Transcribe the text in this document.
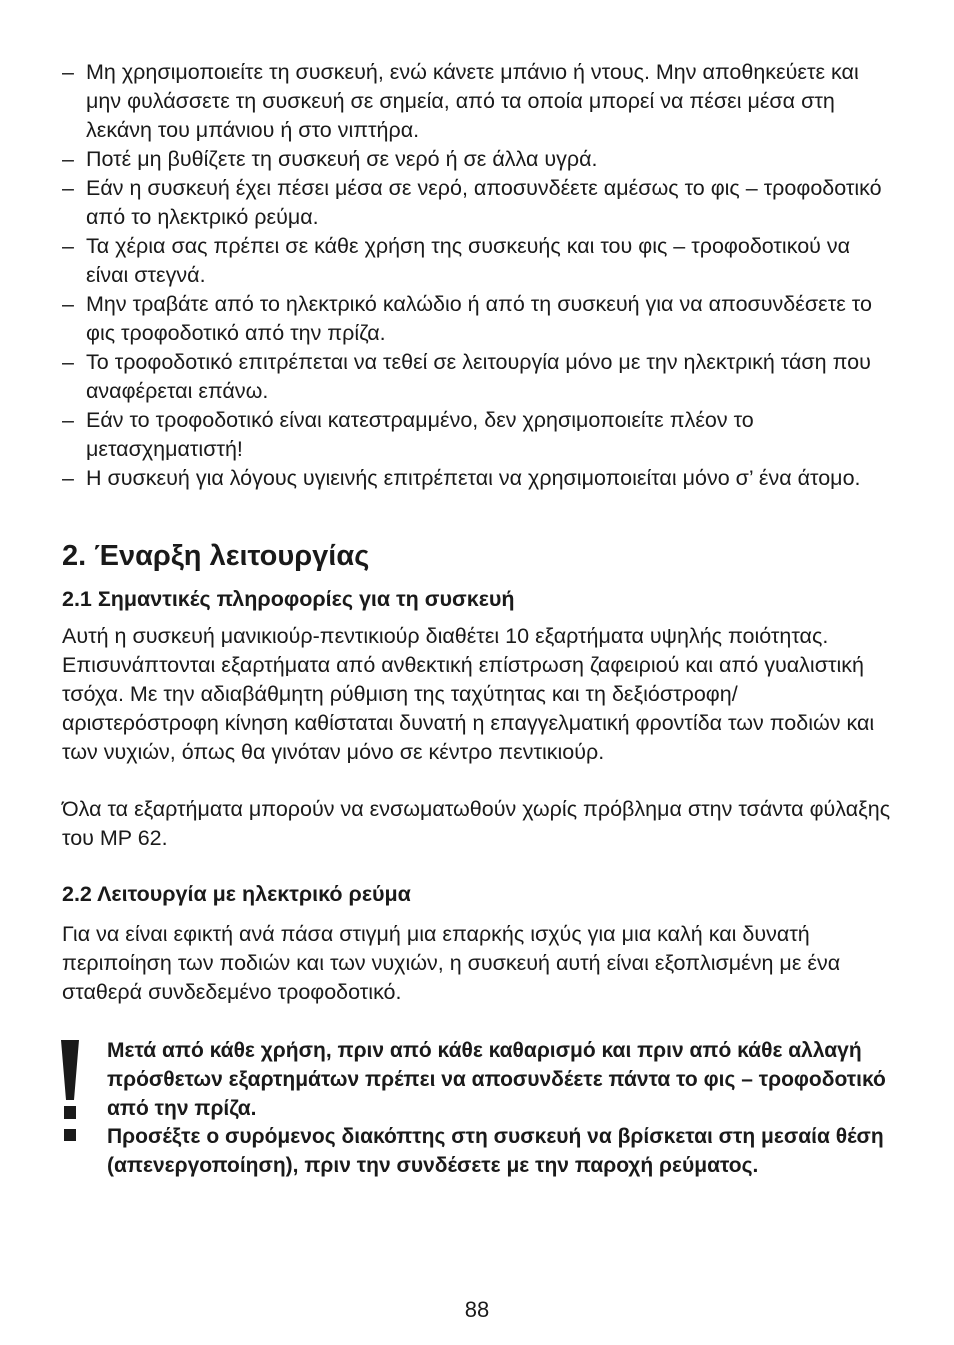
– Μη χρησιμοποιείτε τη συσκευή, ενώ κάνετε μπάνιο ή ντους. Μην αποθηκεύετε και μην φυλάσσετε τη συσκευή σε σημεία, από τα οποία μπορεί να πέσει μέσα στη λεκάνη του μπάνιου ή στο νιπτήρα.
– Ποτέ μη βυθίζετε τη συσκευή σε νερό ή σε άλλα υγρά.
– Εάν η συσκευή έχει πέσει μέσα σε νερό, αποσυνδέετε αμέσως το φις – τροφοδοτικό από το ηλεκτρικό ρεύμα.
– Τα χέρια σας πρέπει σε κάθε χρήση της συσκευής και του φις – τροφοδοτικού να είναι στεγνά.
– Μην τραβάτε από το ηλεκτρικό καλώδιο ή από τη συσκευή για να αποσυνδέσετε το φις τροφοδοτικό από την πρίζα.
– Το τροφοδοτικό επιτρέπεται να τεθεί σε λειτουργία μόνο με την ηλεκτρική τάση που αναφέρεται επάνω.
– Εάν το τροφοδοτικό είναι κατεστραμμένο, δεν χρησιμοποιείτε πλέον το μετασχηματιστή!
– Η συσκευή για λόγους υγιεινής επιτρέπεται να χρησιμοποιείται μόνο σ’ ένα άτομο.
2. Έναρξη λειτουργίας
2.1 Σημαντικές πληροφορίες για τη συσκευή

Αυτή η συσκευή μανικιούρ-πεντικιούρ διαθέτει 10 εξαρτήματα υψηλής ποιότητας. Επισυνάπτονται εξαρτήματα από ανθεκτική επίστρωση ζαφειριού και από γυαλιστική τσόχα. Με την αδιαβάθμητη ρύθμιση της ταχύτητας και τη δεξιόστροφη/αριστερόστροφη κίνηση καθίσταται δυνατή η επαγγελματική φροντίδα των ποδιών και των νυχιών, όπως θα γινόταν μόνο σε κέντρο πεντικιούρ.

Όλα τα εξαρτήματα μπορούν να ενσωματωθούν χωρίς πρόβλημα στην τσάντα φύλαξης του MP 62.

2.2 Λειτουργία με ηλεκτρικό ρεύμα

Για να είναι εφικτή ανά πάσα στιγμή μια επαρκής ισχύς για μια καλή και δυνατή περιποίηση των ποδιών και των νυχιών, η συσκευή αυτή είναι εξοπλισμένη με ένα σταθερά συνδεδεμένο τροφοδοτικό.

Μετά από κάθε χρήση, πριν από κάθε καθαρισμό και πριν από κάθε αλλαγή πρόσθετων εξαρτημάτων πρέπει να αποσυνδέετε πάντα το φις – τροφοδοτικό από την πρίζα.

Προσέξτε ο συρόμενος διακόπτης στη συσκευή να βρίσκεται στη μεσαία θέση (απενεργοποίηση), πριν την συνδέσετε με την παροχή ρεύματος.

88
